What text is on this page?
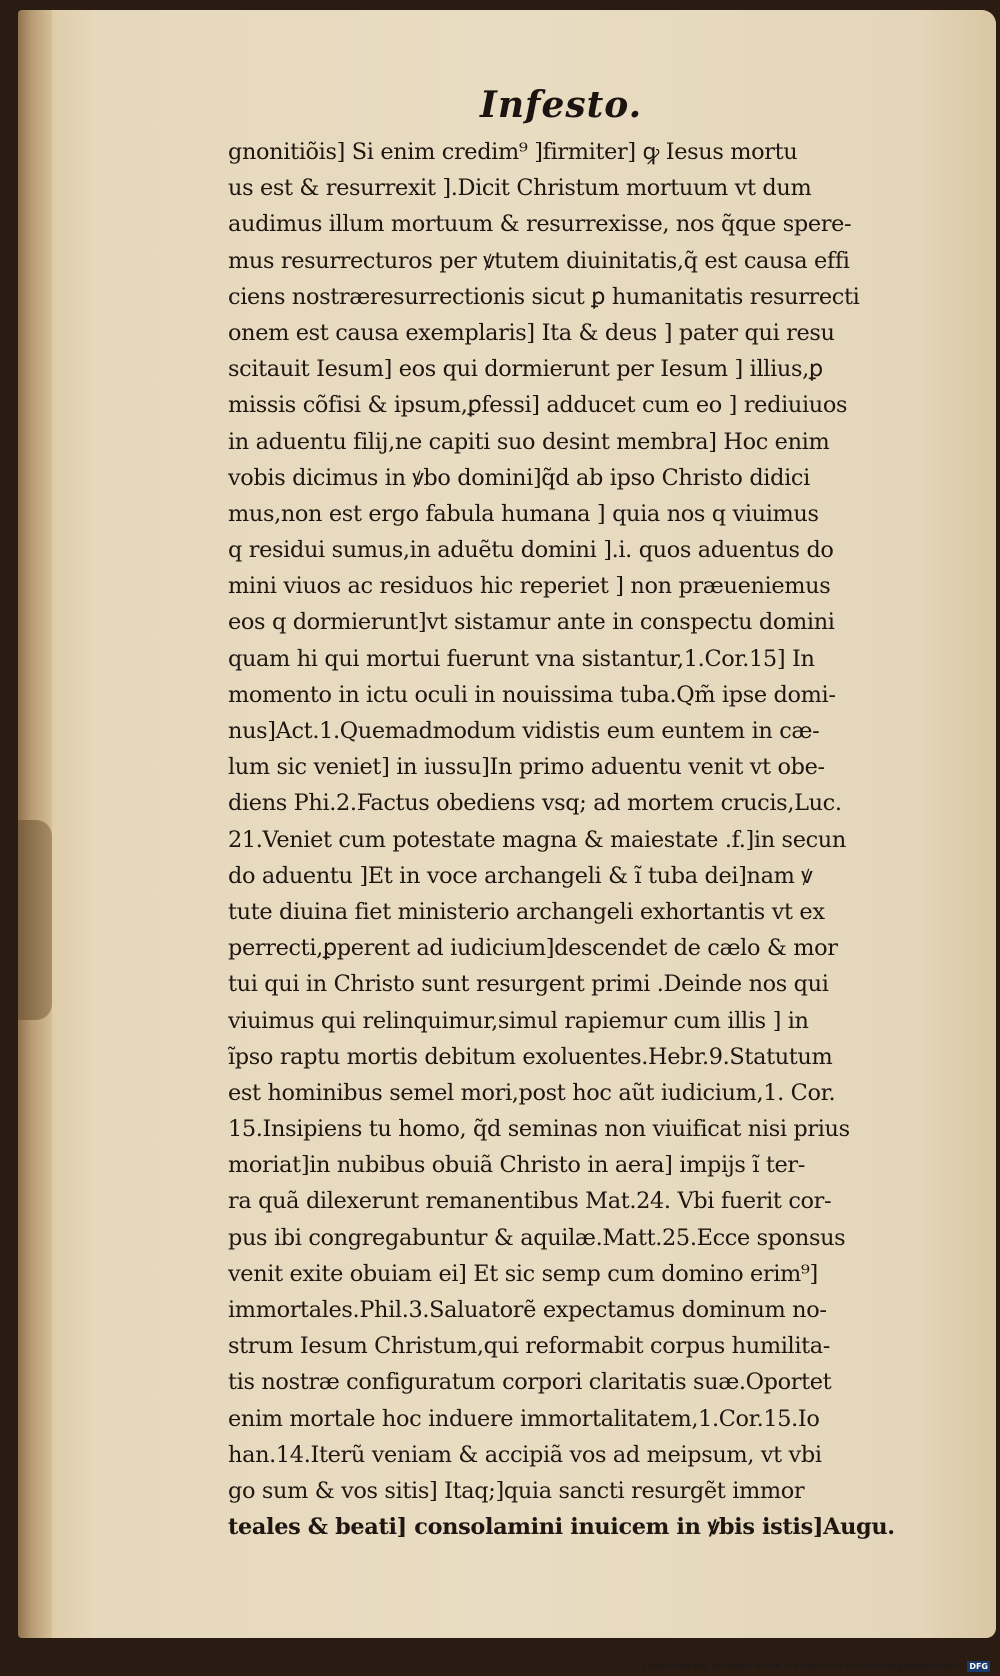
Infesto.
gnonitiõis] Si enim credim⁹ ]firmiter] ꝙ Iesus mortu
us est & resurrexit ].Dicit Christum mortuum vt dum
audimus illum mortuum & resurrexisse, nos q̃que spere-
mus resurrecturos per ꝟtutem diuinitatis,q̃ est causa effi
ciens nostræresurrectionis sicut ꝑ humanitatis resurrecti
onem est causa exemplaris] Ita & deus ] pater qui resu
scitauit Iesum] eos qui dormierunt per Iesum ] illius,ꝑ
missis cõfisi & ipsum,ꝑfessi] adducet cum eo ] rediuiuos
in aduentu filij,ne capiti suo desint membra] Hoc enim
vobis dicimus in ꝟbo domini]q̃d ab ipso Christo didici
mus,non est ergo fabula humana ] quia nos q viuimus
q residui sumus,in aduẽtu domini ].i. quos aduentus do
mini viuos ac residuos hic reperiet ] non præueniemus
eos q dormierunt]vt sistamur ante in conspectu domini
quam hi qui mortui fuerunt vna sistantur,1.Cor.15] In
momento in ictu oculi in nouissima tuba.Qm̃ ipse domi-
nus]Act.1.Quemadmodum vidistis eum euntem in cæ-
lum sic veniet] in iussu]In primo aduentu venit vt obe-
diens Phi.2.Factus obediens vsq; ad mortem crucis,Luc.
21.Veniet cum potestate magna & maiestate .f.]in secun
do aduentu ]Et in voce archangeli & ĩ tuba dei]nam ꝟ
tute diuina fiet ministerio archangeli exhortantis vt ex
perrecti,ꝑperent ad iudicium]descendet de cælo & mor
tui qui in Christo sunt resurgent primi .Deinde nos qui
viuimus qui relinquimur,simul rapiemur cum illis ] in
ĩpso raptu mortis debitum exoluentes.Hebr.9.Statutum
est hominibus semel mori,post hoc aũt iudicium,1. Cor.
15.Insipiens tu homo, q̃d seminas non viuificat nisi prius
moriat]in nubibus obuiã Christo in aera] impijs ĩ ter-
ra quã dilexerunt remanentibus Mat.24. Vbi fuerit cor-
pus ibi congregabuntur & aquilæ.Matt.25.Ecce sponsus
venit exite obuiam ei] Et sic semp cum domino erim⁹]
immortales.Phil.3.Saluatorẽ expectamus dominum no-
strum Iesum Christum,qui reformabit corpus humilita-
tis nostræ configuratum corpori claritatis suæ.Oportet
enim mortale hoc induere immortalitatem,1.Cor.15.Io
han.14.Iterũ veniam & accipiã vos ad meipsum, vt vbi
go sum & vos sitis] Itaq;]quia sancti resurgẽt immor
teales & beati] consolamini inuicem in ꝟbis istis]Augu.
Digitalisierung gefördert durch die Deutsche Forschungsgemeinschaft · DFG
